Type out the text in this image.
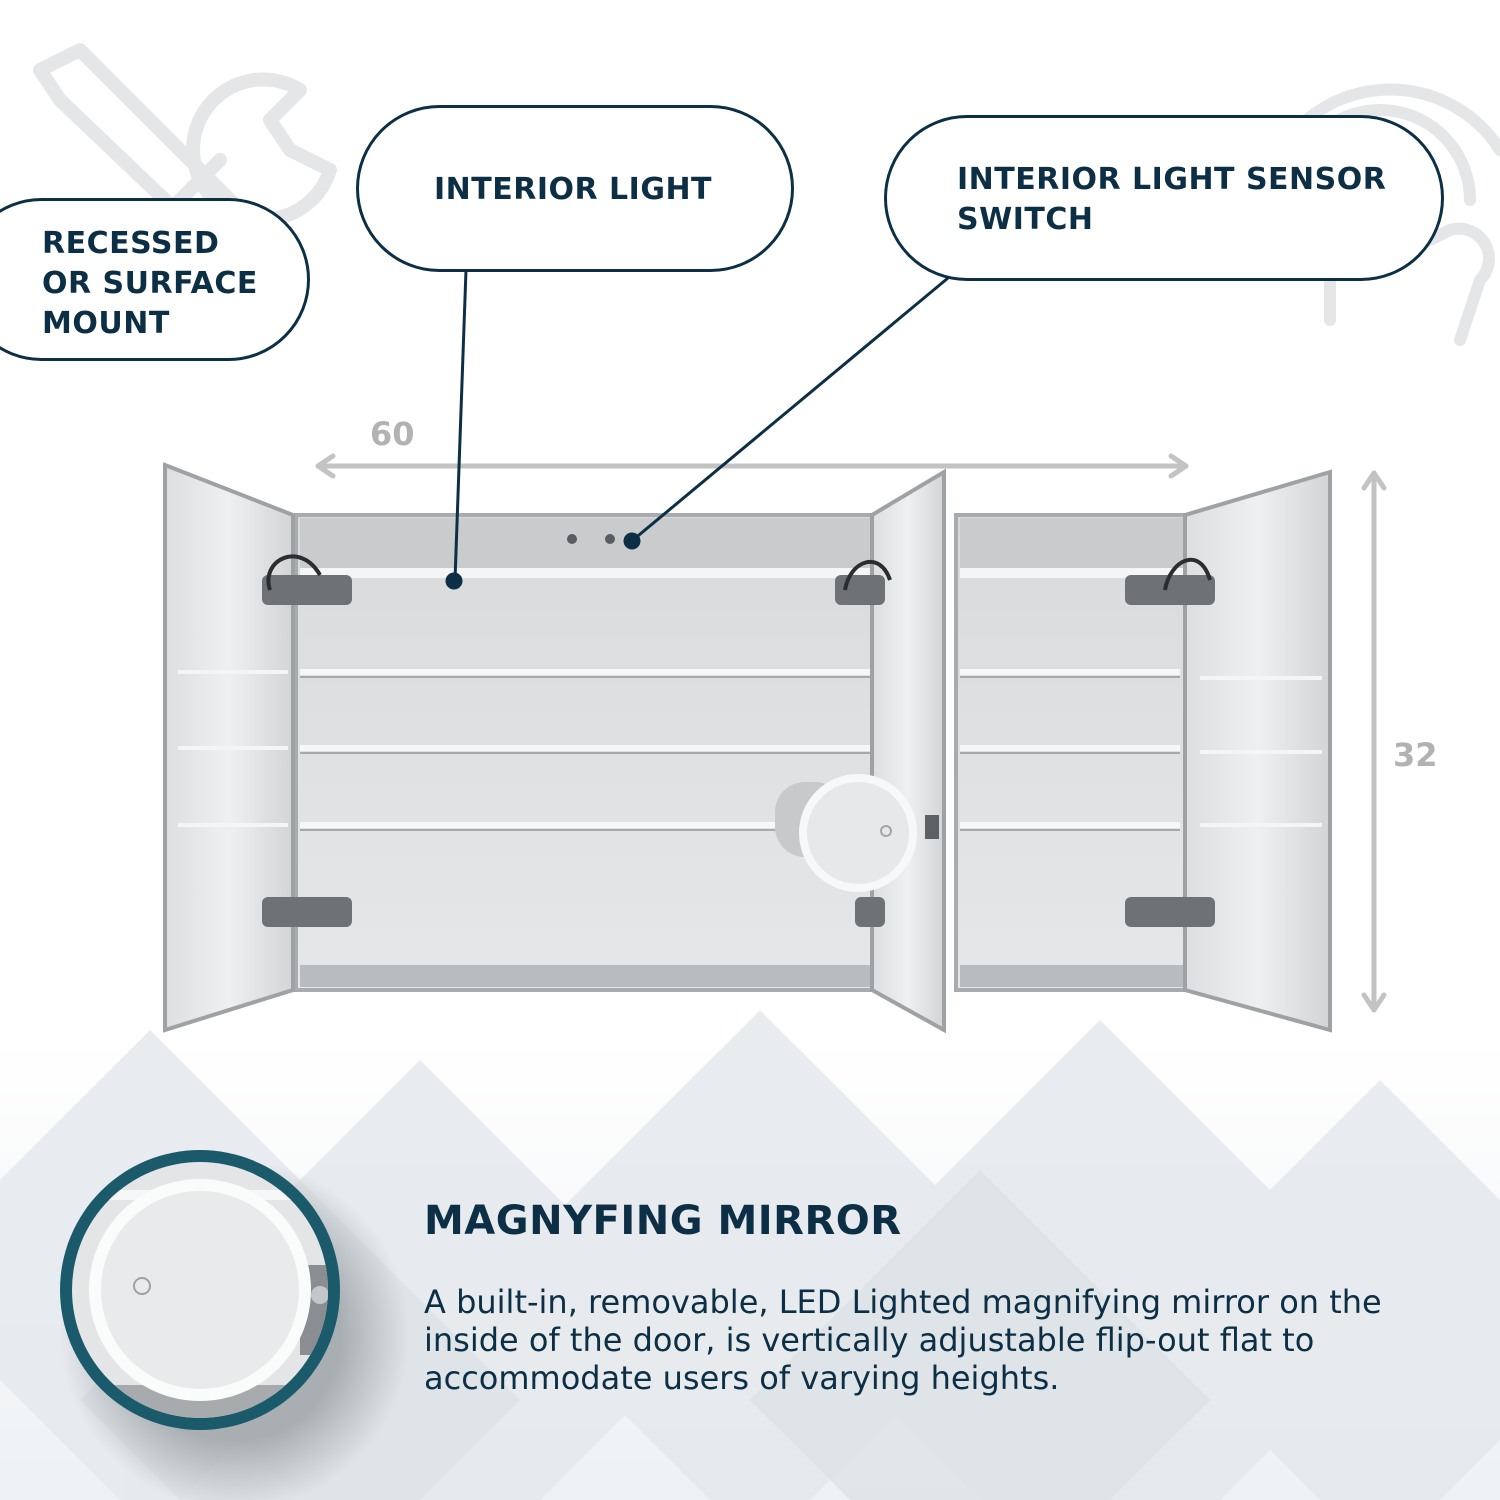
RECESSED
OR SURFACE
MOUNT
INTERIOR LIGHT	INTERIOR LIGHT SENSOR
SWITCH
60
32
MAGNYFING MIRROR
A built-in, removable, LED Lighted magnifying mirror on the inside of the door, is vertically adjustable flip-out flat to accommodate users of varying heights.
